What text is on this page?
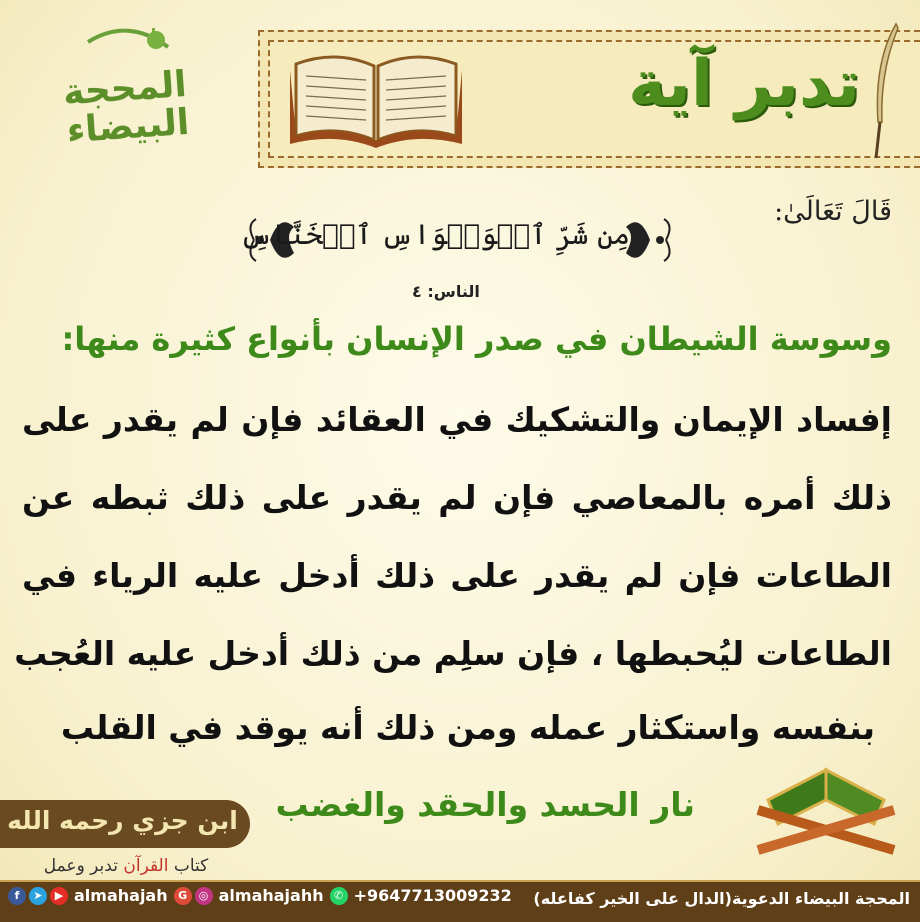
تدبر آية
المحجة البيضاء
قَالَ تَعَالَىٰ:
مِن شَرِّ ٱلۡوَسۡوَاسِ ٱلۡخَنَّاسِ
الناس: ٤
وسوسة الشيطان في صدر الإنسان بأنواع كثيرة منها:
إفساد الإيمان والتشكيك في العقائد فإن لم يقدر على
ذلك أمره بالمعاصي فإن لم يقدر على ذلك ثبطه عن
الطاعات فإن لم يقدر على ذلك أدخل عليه الرياء في
الطاعات ليُحبطها ، فإن سلِم من ذلك أدخل عليه العُجب
بنفسه واستكثار عمله ومن ذلك أنه يوقد في القلب
نار الحسد والحقد والغضب
ابن جزي رحمه الله
كتاب القرآن تدبر وعمل
المحجة البيضاء الدعوية(الدال على الخير كفاعله)
f	➤	▶ almahajah G	◎ almahajahh ✆ +9647713009232
